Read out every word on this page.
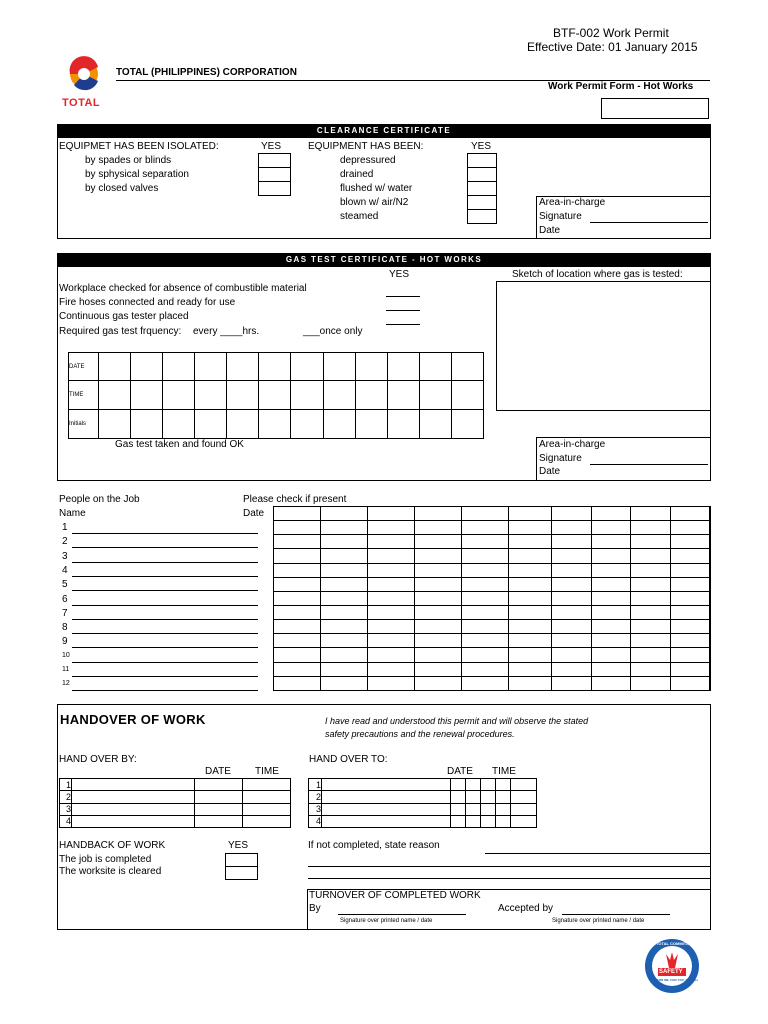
BTF-002 Work Permit
Effective Date: 01 January 2015
TOTAL
TOTAL (PHILIPPINES) CORPORATION
Work Permit Form - Hot Works
CLEARANCE CERTIFICATE
EQUIPMET HAS BEEN ISOLATED:	YES
by spades or blinds
by sphysical separation
by closed valves
EQUIPMENT HAS BEEN:	YES
depressured
drained
flushed w/ water
blown w/ air/N2
steamed
Area-in-charge
Signature
Date
GAS TEST CERTIFICATE - HOT WORKS
YES	Sketch of location where gas is tested:
Workplace checked for absence of combustible material
Fire hoses connected and ready for use
Continuous gas tester placed
Required gas test frquency: every ____hrs.	___once only
DATE												
TIME												
Initials												
Gas test taken and found OK	Area-in-charge
Signature
Date
People on the Job	Please check if present
Name	Date
1
2
3
4
5
6
7
8
9
10
11
12

HANDOVER OF WORK	I have read and understood this permit and will observe the stated
safety precautions and the renewal procedures.
HAND OVER BY:
DATE TIME
1			
2			
3			
4			
HAND OVER TO:
DATE TIME
1						
2						
3						
4						
HANDBACK OF WORK	YES
The job is completed
The worksite is cleared
If not completed, state reason
TURNOVER OF COMPLETED WORK
By	Accepted by
Signature over printed name / date	Signature over printed name / date
TOTAL COMMITMENT
SAFETY
FOR ME, FOR YOU, FOR ALL
